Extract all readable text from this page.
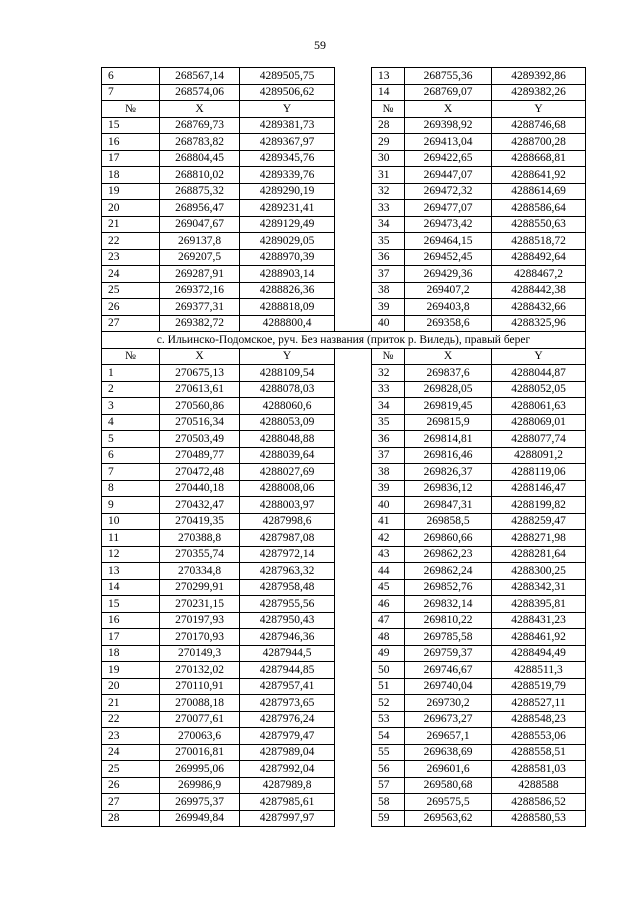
59
6	268567,14	4289505,75		13	268755,36	4289392,86
7	268574,06	4289506,62		14	268769,07	4289382,26
№	X	Y		№	X	Y
15	268769,73	4289381,73		28	269398,92	4288746,68
16	268783,82	4289367,97		29	269413,04	4288700,28
17	268804,45	4289345,76		30	269422,65	4288668,81
18	268810,02	4289339,76		31	269447,07	4288641,92
19	268875,32	4289290,19		32	269472,32	4288614,69
20	268956,47	4289231,41		33	269477,07	4288586,64
21	269047,67	4289129,49		34	269473,42	4288550,63
22	269137,8	4289029,05		35	269464,15	4288518,72
23	269207,5	4288970,39		36	269452,45	4288492,64
24	269287,91	4288903,14		37	269429,36	4288467,2
25	269372,16	4288826,36		38	269407,2	4288442,38
26	269377,31	4288818,09		39	269403,8	4288432,66
27	269382,72	4288800,4		40	269358,6	4288325,96
с. Ильинско-Подомское, руч. Без названия (приток р. Виледь), правый берег						
№	X	Y		№	X	Y
1	270675,13	4288109,54		32	269837,6	4288044,87
2	270613,61	4288078,03		33	269828,05	4288052,05
3	270560,86	4288060,6		34	269819,45	4288061,63
4	270516,34	4288053,09		35	269815,9	4288069,01
5	270503,49	4288048,88		36	269814,81	4288077,74
6	270489,77	4288039,64		37	269816,46	4288091,2
7	270472,48	4288027,69		38	269826,37	4288119,06
8	270440,18	4288008,06		39	269836,12	4288146,47
9	270432,47	4288003,97		40	269847,31	4288199,82
10	270419,35	4287998,6		41	269858,5	4288259,47
11	270388,8	4287987,08		42	269860,66	4288271,98
12	270355,74	4287972,14		43	269862,23	4288281,64
13	270334,8	4287963,32		44	269862,24	4288300,25
14	270299,91	4287958,48		45	269852,76	4288342,31
15	270231,15	4287955,56		46	269832,14	4288395,81
16	270197,93	4287950,43		47	269810,22	4288431,23
17	270170,93	4287946,36		48	269785,58	4288461,92
18	270149,3	4287944,5		49	269759,37	4288494,49
19	270132,02	4287944,85		50	269746,67	4288511,3
20	270110,91	4287957,41		51	269740,04	4288519,79
21	270088,18	4287973,65		52	269730,2	4288527,11
22	270077,61	4287976,24		53	269673,27	4288548,23
23	270063,6	4287979,47		54	269657,1	4288553,06
24	270016,81	4287989,04		55	269638,69	4288558,51
25	269995,06	4287992,04		56	269601,6	4288581,03
26	269986,9	4287989,8		57	269580,68	4288588
27	269975,37	4287985,61		58	269575,5	4288586,52
28	269949,84	4287997,97		59	269563,62	4288580,53
